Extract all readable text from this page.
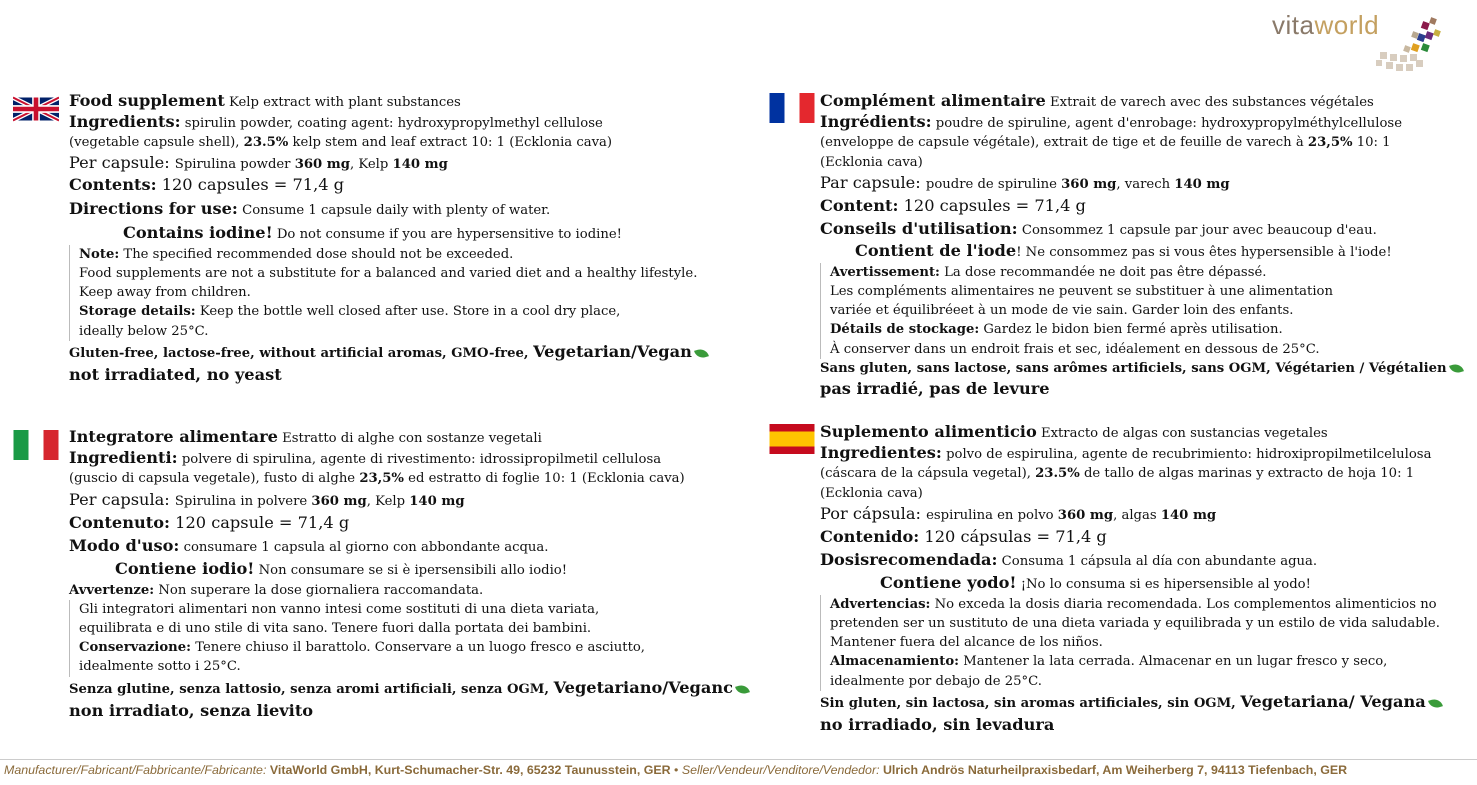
vitaworld
Food supplement Kelp extract with plant substances
Ingredients: spirulin powder, coating agent: hydroxypropylmethyl cellulose
(vegetable capsule shell), 23.5% kelp stem and leaf extract 10: 1 (Ecklonia cava)
Per capsule: Spirulina powder 360 mg, Kelp 140 mg
Contents: 120 capsules = 71,4 g
Directions for use: Consume 1 capsule daily with plenty of water.
Contains iodine! Do not consume if you are hypersensitive to iodine!
Note: The specified recommended dose should not be exceeded.
Food supplements are not a substitute for a balanced and varied diet and a healthy lifestyle.
Keep away from children.
Storage details: Keep the bottle well closed after use. Store in a cool dry place,
ideally below 25°C.
Gluten-free, lactose-free, without artificial aromas, GMO-free, Vegetarian/Vegan
not irradiated, no yeast
Complément alimentaire Extrait de varech avec des substances végétales
Ingrédients: poudre de spiruline, agent d'enrobage: hydroxypropylméthylcellulose
(enveloppe de capsule végétale), extrait de tige et de feuille de varech à 23,5% 10: 1
(Ecklonia cava)
Par capsule: poudre de spiruline 360 mg, varech 140 mg
Content: 120 capsules = 71,4 g
Conseils d'utilisation: Consommez 1 capsule par jour avec beaucoup d'eau.
Contient de l'iode! Ne consommez pas si vous êtes hypersensible à l'iode!
Avertissement: La dose recommandée ne doit pas être dépassé.
Les compléments alimentaires ne peuvent se substituer à une alimentation
variée et équilibréeet à un mode de vie sain. Garder loin des enfants.
Détails de stockage: Gardez le bidon bien fermé après utilisation.
À conserver dans un endroit frais et sec, idéalement en dessous de 25°C.
Sans gluten, sans lactose, sans arômes artificiels, sans OGM, Végétarien / Végétalien
pas irradié, pas de levure
Integratore alimentare Estratto di alghe con sostanze vegetali
Ingredienti: polvere di spirulina, agente di rivestimento: idrossipropilmetil cellulosa
(guscio di capsula vegetale), fusto di alghe 23,5% ed estratto di foglie 10: 1 (Ecklonia cava)
Per capsula: Spirulina in polvere 360 mg, Kelp 140 mg
Contenuto: 120 capsule = 71,4 g
Modo d'uso: consumare 1 capsula al giorno con abbondante acqua.
Contiene iodio! Non consumare se si è ipersensibili allo iodio!
Avvertenze: Non superare la dose giornaliera raccomandata.
Gli integratori alimentari non vanno intesi come sostituti di una dieta variata,
equilibrata e di uno stile di vita sano. Tenere fuori dalla portata dei bambini.
Conservazione: Tenere chiuso il barattolo. Conservare a un luogo fresco e asciutto,
idealmente sotto i 25°C.
Senza glutine, senza lattosio, senza aromi artificiali, senza OGM, Vegetariano/Veganc
non irradiato, senza lievito
Suplemento alimenticio Extracto de algas con sustancias vegetales
Ingredientes: polvo de espirulina, agente de recubrimiento: hidroxipropilmetilcelulosa
(cáscara de la cápsula vegetal), 23.5% de tallo de algas marinas y extracto de hoja 10: 1
(Ecklonia cava)
Por cápsula: espirulina en polvo 360 mg, algas 140 mg
Contenido: 120 cápsulas = 71,4 g
Dosisrecomendada: Consuma 1 cápsula al día con abundante agua.
Contiene yodo! ¡No lo consuma si es hipersensible al yodo!
Advertencias: No exceda la dosis diaria recomendada. Los complementos alimenticios no
pretenden ser un sustituto de una dieta variada y equilibrada y un estilo de vida saludable.
Mantener fuera del alcance de los niños.
Almacenamiento: Mantener la lata cerrada. Almacenar en un lugar fresco y seco,
idealmente por debajo de 25°C.
Sin gluten, sin lactosa, sin aromas artificiales, sin OGM, Vegetariana/ Vegana
no irradiado, sin levadura
Manufacturer/Fabricant/Fabbricante/Fabricante: VitaWorld GmbH, Kurt-Schumacher-Str. 49, 65232 Taunusstein, GER • Seller/Vendeur/Venditore/Vendedor: Ulrich Andrös Naturheilpraxisbedarf, Am Weiherberg 7, 94113 Tiefenbach, GER
